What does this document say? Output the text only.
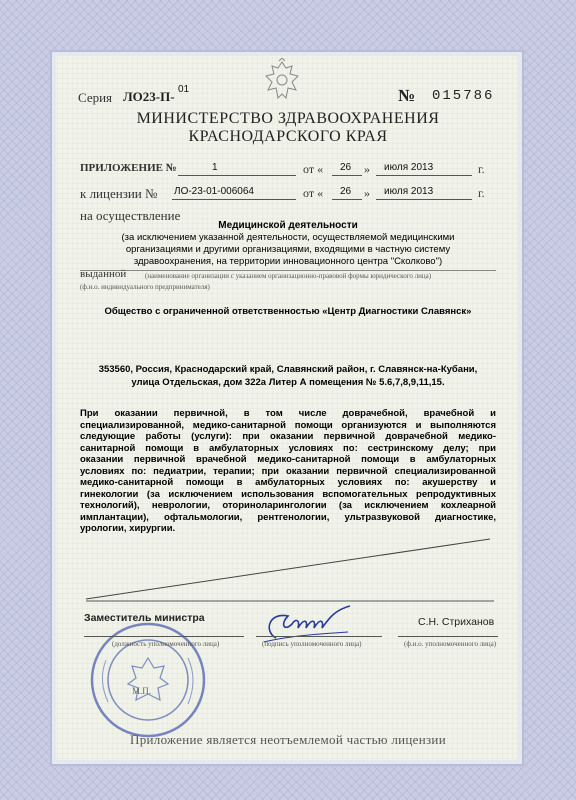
Серия ЛО23-П- 01	№ 015786
МИНИСТЕРСТВО ЗДРАВООХРАНЕНИЯ
КРАСНОДАРСКОГО КРАЯ
ПРИЛОЖЕНИЕ №	1	от « 26 » июля 2013	г.
к лицензии № ЛО-23-01-006064	от « 26 » июля 2013	г.
на осуществление
Медицинской деятельности
(за исключением указанной деятельности, осуществляемой медицинскими
организациями и другими организациями, входящими в частную систему
здравоохранения, на территории инновационного центра "Сколково")
выданной	(наименование организации с указанием организационно-правовой формы юридического лица)
(ф.и.о. индивидуального предпринимателя)
Общество с ограниченной ответственностью «Центр Диагностики Славянск»
353560, Россия, Краснодарский край, Славянский район, г. Славянск-на-Кубани,
улица Отдельская, дом 322а Литер А помещения № 5.6,7,8,9,11,15.
При оказании первичной, в том числе доврачебной, врачебной и
специализированной, медико-санитарной помощи организуются и выполняются
следующие работы (услуги): при оказании первичной доврачебной медико-
санитарной помощи в амбулаторных условиях по: сестринскому делу; при
оказании первичной врачебной медико-санитарной помощи в амбулаторных
условиях по: педиатрии, терапии; при оказании первичной специализированной
медико-санитарной помощи в амбулаторных условиях по: акушерству и
гинекологии (за исключением использования вспомогательных репродуктивных
технологий), неврологии, оториноларингологии (за исключением кохлеарной
имплантации), офтальмологии, рентгенологии, ультразвуковой диагностике,
урологии, хирургии.
Заместитель министра
(должность уполномоченного лица)	(подпись уполномоченного лица)
С.Н. Стриханов
(ф.и.о. уполномоченного лица)
М.П.
Приложение является неотъемлемой частью лицензии
